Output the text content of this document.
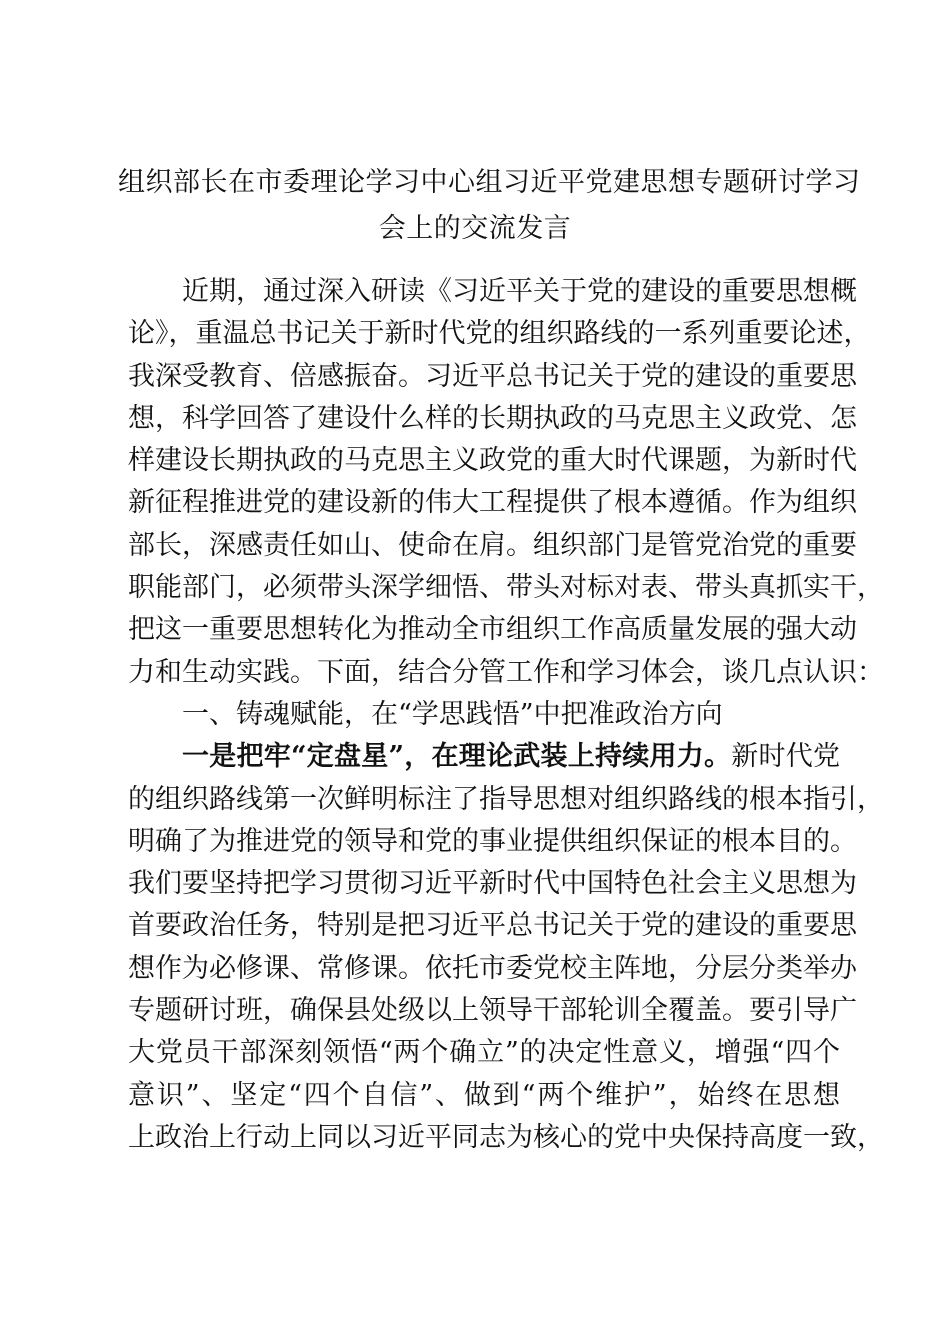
组织部长在市委理论学习中心组习近平党建思想专题研讨学习
会上的交流发言
近期，通过深入研读《习近平关于党的建设的重要思想概
论》，重温总书记关于新时代党的组织路线的一系列重要论述，
我深受教育、倍感振奋。习近平总书记关于党的建设的重要思
想，科学回答了建设什么样的长期执政的马克思主义政党、怎
样建设长期执政的马克思主义政党的重大时代课题，为新时代
新征程推进党的建设新的伟大工程提供了根本遵循。作为组织
部长，深感责任如山、使命在肩。组织部门是管党治党的重要
职能部门，必须带头深学细悟、带头对标对表、带头真抓实干，
把这一重要思想转化为推动全市组织工作高质量发展的强大动
力和生动实践。下面，结合分管工作和学习体会，谈几点认识：
一、铸魂赋能，在“学思践悟”中把准政治方向
一是把牢“定盘星”，在理论武装上持续用力。新时代党
的组织路线第一次鲜明标注了指导思想对组织路线的根本指引，
明确了为推进党的领导和党的事业提供组织保证的根本目的。
我们要坚持把学习贯彻习近平新时代中国特色社会主义思想为
首要政治任务，特别是把习近平总书记关于党的建设的重要思
想作为必修课、常修课。依托市委党校主阵地，分层分类举办
专题研讨班，确保县处级以上领导干部轮训全覆盖。要引导广
大党员干部深刻领悟“两个确立”的决定性意义，增强“四个
意识”、坚定“四个自信”、做到“两个维护”，始终在思想
上政治上行动上同以习近平同志为核心的党中央保持高度一致，
